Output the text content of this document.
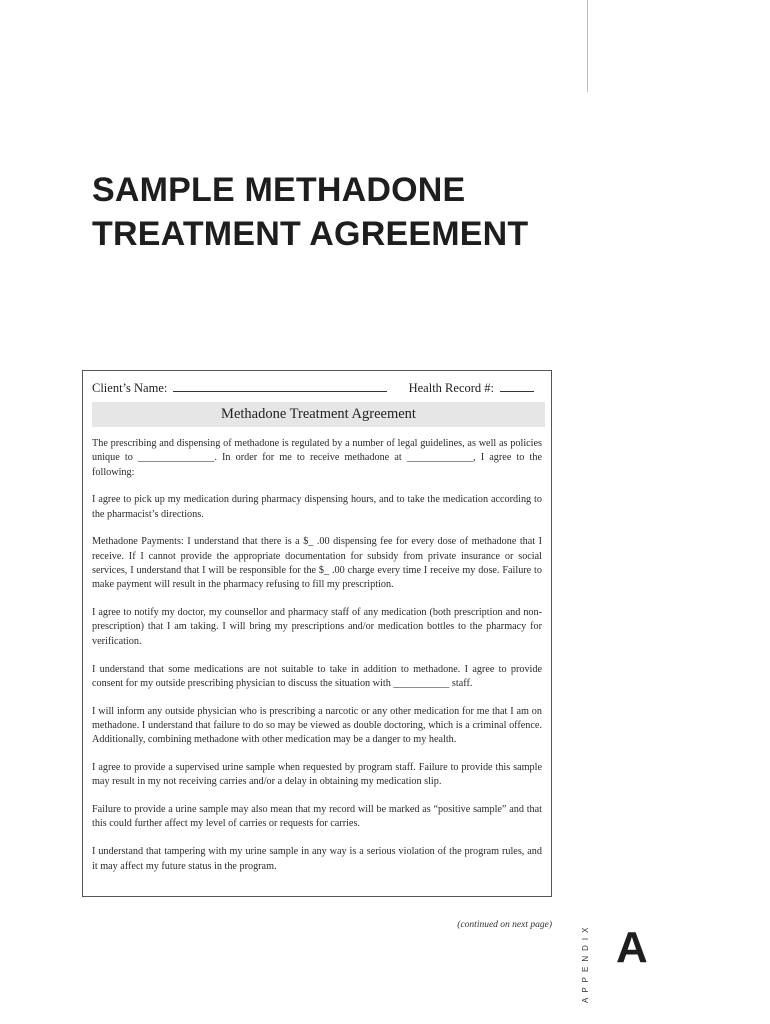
SAMPLE METHADONE
TREATMENT AGREEMENT
Client’s Name:	Health Record #:
Methadone Treatment Agreement

The prescribing and dispensing of methadone is regulated by a number of legal guidelines, as well as policies unique to _______________. In order for me to receive methadone at _____________, I agree to the following:

I agree to pick up my medication during pharmacy dispensing hours, and to take the medication according to the pharmacist’s directions.

Methadone Payments: I understand that there is a $_ .00 dispensing fee for every dose of methadone that I receive. If I cannot provide the appropriate documentation for subsidy from private insurance or social services, I understand that I will be responsible for the $_ .00 charge every time I receive my dose. Failure to make payment will result in the pharmacy refusing to fill my prescription.

I agree to notify my doctor, my counsellor and pharmacy staff of any medication (both prescription and non-prescription) that I am taking. I will bring my prescriptions and/or medication bottles to the pharmacy for verification.

I understand that some medications are not suitable to take in addition to methadone. I agree to provide consent for my outside prescribing physician to discuss the situation with ___________ staff.

I will inform any outside physician who is prescribing a narcotic or any other medication for me that I am on methadone. I understand that failure to do so may be viewed as double doctoring, which is a criminal offence. Additionally, combining methadone with other medication may be a danger to my health.

I agree to provide a supervised urine sample when requested by program staff. Failure to provide this sample may result in my not receiving carries and/or a delay in obtaining my medication slip.

Failure to provide a urine sample may also mean that my record will be marked as “positive sample” and that this could further affect my level of carries or requests for carries.

I understand that tampering with my urine sample in any way is a serious violation of the program rules, and it may affect my future status in the program.

(continued on next page)	APPENDIX A
